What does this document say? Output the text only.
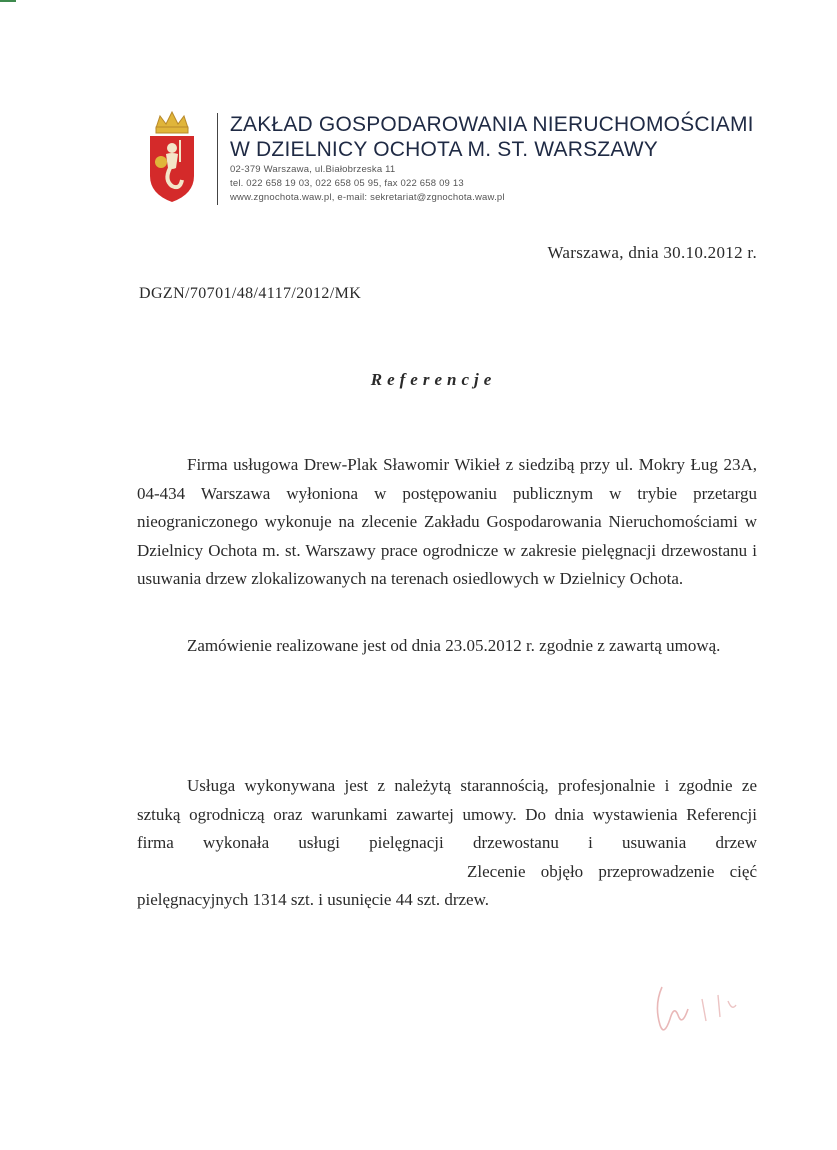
ZAKŁAD GOSPODAROWANIA NIERUCHOMOŚCIAMI
W DZIELNICY OCHOTA M. ST. WARSZAWY
02-379 Warszawa, ul.Białobrzeska 11
tel. 022 658 19 03, 022 658 05 95, fax 022 658 09 13
www.zgnochota.waw.pl, e-mail: sekretariat@zgnochota.waw.pl
Warszawa, dnia 30.10.2012 r.
DGZN/70701/48/4117/2012/MK
Referencje

Firma usługowa Drew-Plak Sławomir Wikieł z siedzibą przy ul. Mokry Ług 23A, 04-434 Warszawa wyłoniona w postępowaniu publicznym w trybie przetargu nieograniczonego wykonuje na zlecenie Zakładu Gospodarowania Nieruchomościami w Dzielnicy Ochota m. st. Warszawy prace ogrodnicze w zakresie pielęgnacji drzewostanu i usuwania drzew zlokalizowanych na terenach osiedlowych w Dzielnicy Ochota.

Zamówienie realizowane jest od dnia 23.05.2012 r. zgodnie z zawartą umową.

Usługa wykonywana jest z należytą starannością, profesjonalnie i zgodnie ze sztuką ogrodniczą oraz warunkami zawartej umowy. Do dnia wystawienia Referencji firma wykonała usługi pielęgnacji drzewostanu i usuwania drzewZlecenie objęło przeprowadzenie cięć pielęgnacyjnych 1314 szt. i usunięcie 44 szt. drzew.
